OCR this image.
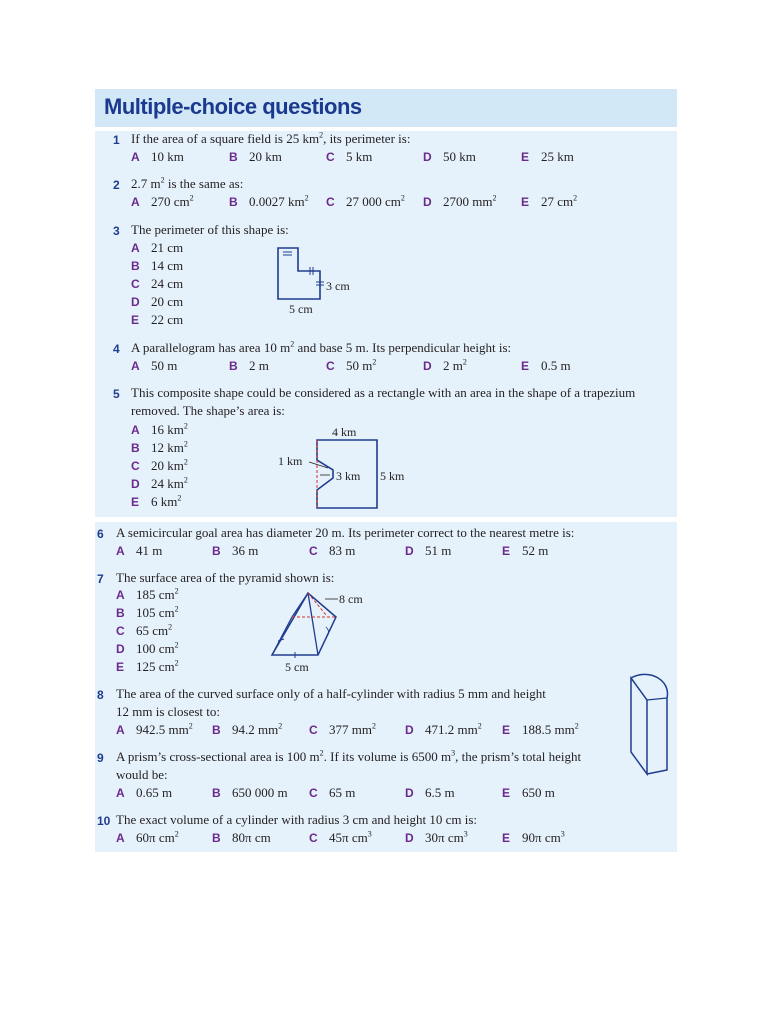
Multiple-choice questions
1 If the area of a square field is 25 $km^2$, its perimeter is:
A 10 km	B 20 km	C 5 km	D 50 km	E 25 km
2 2.7 $m^2$ is the same as:
A 270 $cm^2$	B 0.0027 $km^2$ C 27 000 $cm^2$ D 2700 $mm^2$ E 27 $cm^2$
3 The perimeter of this shape is:
A 21 cm
B 14 cm
C 24 cm
D 20 cm
E 22 cm
4 A parallelogram has area 10 $m^2$ and base 5 m. Its perpendicular height is:
A 50 m	B 2 m	C 50 $m^2$	D 2 $m^2$	E 0.5 m
5 This composite shape could be considered as a rectangle with an area in the shape of a trapezium
removed. The shape’s area is:
A 16 $km^2$
B 12 $km^2$
C 20 $km^2$
D 24 $km^2$
E 6 $km^2$
6 A semicircular goal area has diameter 20 m. Its perimeter correct to the nearest metre is:
A 41 m	B 36 m	C 83 m	D 51 m	E 52 m
7 The surface area of the pyramid shown is:
A 185 $cm^2$
B 105 $cm^2$
C 65 $cm^2$
D 100 $cm^2$
E 125 $cm^2$
8 The area of the curved surface only of a half-cylinder with radius 5 mm and height
12 mm is closest to:
A 942.5 $mm^2$ B 94.2 $mm^2$ C 377 $mm^2$ D 471.2 $mm^2$ E 188.5 $mm^2$
9 A prism’s cross-sectional area is 100 $m^2$. If its volume is 6500 $m^3$, the prism’s total height
would be:
A 0.65 m	B 650 000 m C 65 m	D 6.5 m	E 650 m
10 The exact volume of a cylinder with radius 3 cm and height 10 cm is:
A 60π $cm^2$	B 80π cm	C 45π $cm^3$	D 30π $cm^3$	E 90π $cm^3$
3 cm
5 cm
4 km
1 km
3 km 5 km
8 cm
5 cm
